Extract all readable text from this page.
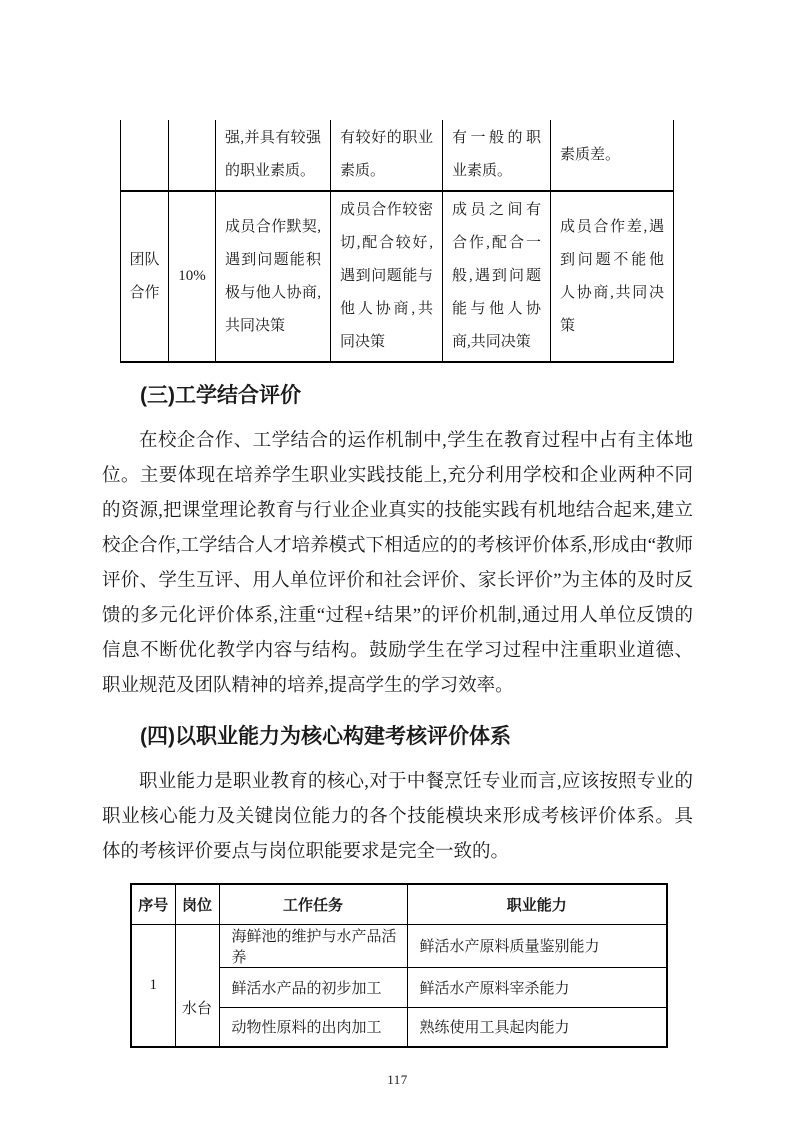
		强,并具有较强的职业素质。	有较好的职业素质。	有一般的职业素质。	素质差。
团队合作	10%	成员合作默契,遇到问题能积极与他人协商,共同决策	成员合作较密切,配合较好,遇到问题能与他人协商,共同决策	成员之间有合作,配合一般,遇到问题能与他人协商,共同决策	成员合作差,遇到问题不能他人协商,共同决策
(三)工学结合评价

在校企合作、工学结合的运作机制中,学生在教育过程中占有主体地位。主要体现在培养学生职业实践技能上,充分利用学校和企业两种不同的资源,把课堂理论教育与行业企业真实的技能实践有机地结合起来,建立校企合作,工学结合人才培养模式下相适应的的考核评价体系,形成由“教师评价、学生互评、用人单位评价和社会评价、家长评价”为主体的及时反馈的多元化评价体系,注重“过程+结果”的评价机制,通过用人单位反馈的信息不断优化教学内容与结构。鼓励学生在学习过程中注重职业道德、职业规范及团队精神的培养,提高学生的学习效率。

(四)以职业能力为核心构建考核评价体系

职业能力是职业教育的核心,对于中餐烹饪专业而言,应该按照专业的职业核心能力及关键岗位能力的各个技能模块来形成考核评价体系。具体的考核评价要点与岗位职能要求是完全一致的。

序号	岗位	工作任务	职业能力
1	水台	海鲜池的维护与水产品活养	鲜活水产原料质量鉴别能力
		鲜活水产品的初步加工	鲜活水产原料宰杀能力
		动物性原料的出肉加工	熟练使用工具起肉能力
117
